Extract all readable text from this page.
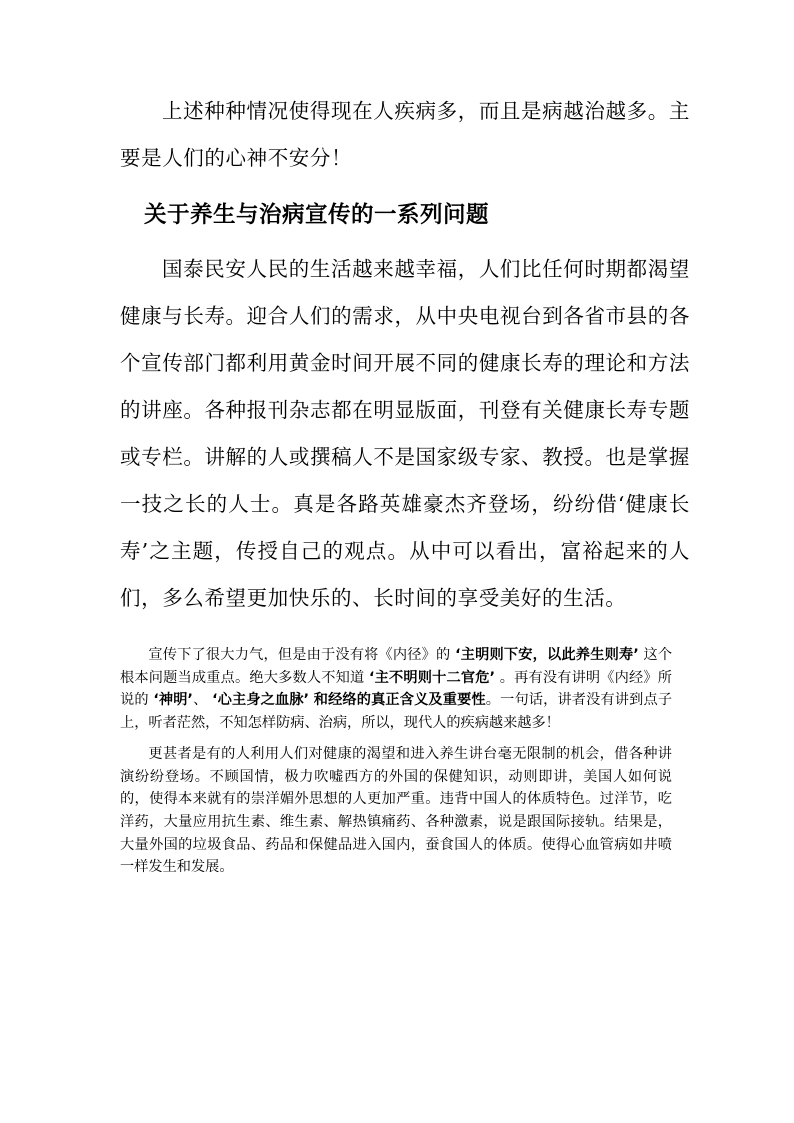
上述种种情况使得现在人疾病多，而且是病越治越多。主要是人们的心神不安分！

关于养生与治病宣传的一系列问题

国泰民安人民的生活越来越幸福，人们比任何时期都渴望健康与长寿。迎合人们的需求，从中央电视台到各省市县的各个宣传部门都利用黄金时间开展不同的健康长寿的理论和方法的讲座。各种报刊杂志都在明显版面，刊登有关健康长寿专题或专栏。讲解的人或撰稿人不是国家级专家、教授。也是掌握一技之长的人士。真是各路英雄豪杰齐登场，纷纷借‘健康长寿’之主题，传授自己的观点。从中可以看出，富裕起来的人们，多么希望更加快乐的、长时间的享受美好的生活。

宣传下了很大力气，但是由于没有将《内径》的 ‘主明则下安，以此养生则寿’ 这个根本问题当成重点。绝大多数人不知道 ‘主不明则十二官危’ 。再有没有讲明《内经》所说的 ‘神明’、 ‘心主身之血脉’ 和经络的真正含义及重要性。一句话，讲者没有讲到点子上，听者茫然，不知怎样防病、治病，所以，现代人的疾病越来越多！

更甚者是有的人利用人们对健康的渴望和进入养生讲台毫无限制的机会，借各种讲演纷纷登场。不顾国情，极力吹嘘西方的外国的保健知识，动则即讲，美国人如何说的，使得本来就有的崇洋媚外思想的人更加严重。违背中国人的体质特色。过洋节，吃洋药，大量应用抗生素、维生素、解热镇痛药、各种激素，说是跟国际接轨。结果是，大量外国的垃圾食品、药品和保健品进入国内，蚕食国人的体质。使得心血管病如井喷一样发生和发展。
